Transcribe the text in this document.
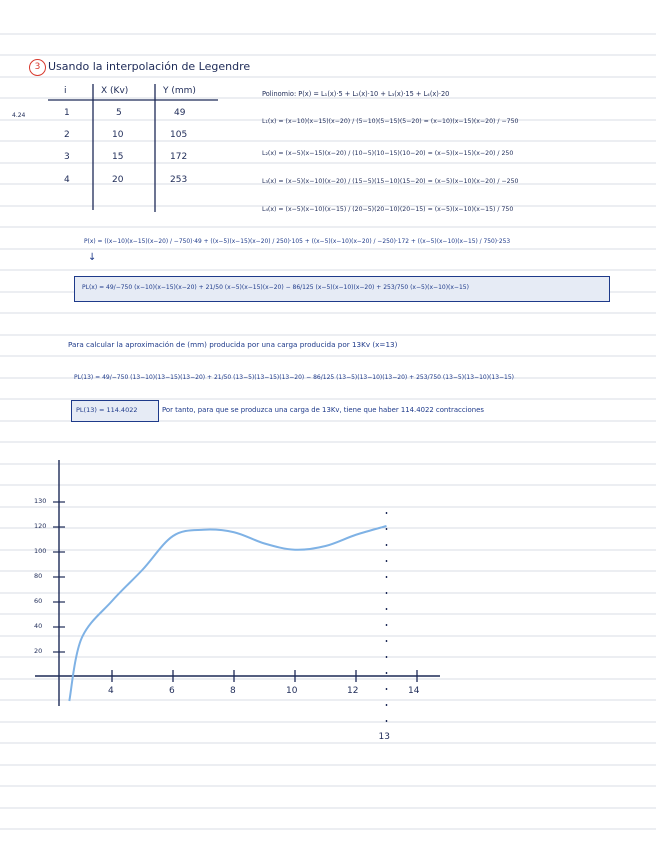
3 Usando la interpolación de Legendre
4.24
i	X (Kv)	Y (mm)
1	5	49
2	10	105
3	15	172
4	20	253
Polinomio: P(x) = L₁(x)·5 + L₂(x)·10 + L₃(x)·15 + L₄(x)·20
L₁(x) = (x−10)(x−15)(x−20) / (5−10)(5−15)(5−20) = (x−10)(x−15)(x−20) / −750
L₂(x) = (x−5)(x−15)(x−20) / (10−5)(10−15)(10−20) = (x−5)(x−15)(x−20) / 250
L₃(x) = (x−5)(x−10)(x−20) / (15−5)(15−10)(15−20) = (x−5)(x−10)(x−20) / −250
L₄(x) = (x−5)(x−10)(x−15) / (20−5)(20−10)(20−15) = (x−5)(x−10)(x−15) / 750
P(x) = ((x−10)(x−15)(x−20) / −750)·49 + ((x−5)(x−15)(x−20) / 250)·105 + ((x−5)(x−10)(x−20) / −250)·172 + ((x−5)(x−10)(x−15) / 750)·253
↓
PL(x) = 49/−750 (x−10)(x−15)(x−20) + 21/50 (x−5)(x−15)(x−20) − 86/125 (x−5)(x−10)(x−20) + 253/750 (x−5)(x−10)(x−15)
Para calcular la aproximación de (mm) producida por una carga producida por 13Kv (x=13)
PL(13) = 49/−750 (13−10)(13−15)(13−20) + 21/50 (13−5)(13−15)(13−20) − 86/125 (13−5)(13−10)(13−20) + 253/750 (13−5)(13−10)(13−15)
PL(13) = 114.4022	Por tanto, para que se produzca una carga de 13Kv, tiene que haber 114.4022 contracciones
13
4	6	8	10	12	14
20
40
60
80
100
120
130
